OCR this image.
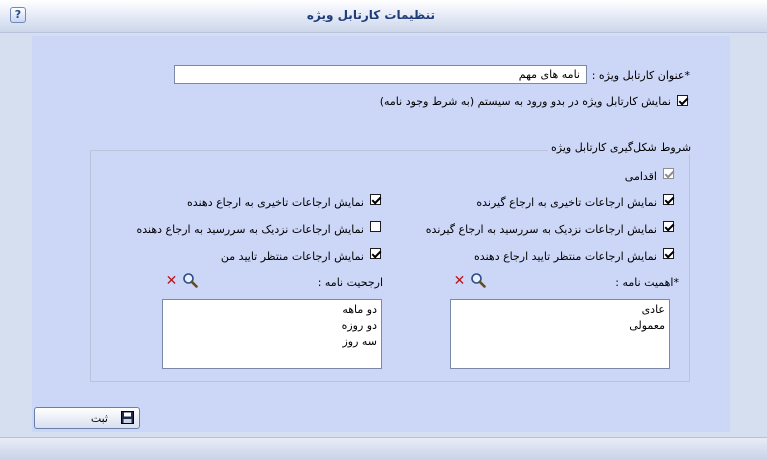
?	تنظیمات کارتابل ویژه
*عنوان کارتابل ویژه :
نامه های مهم
نمایش کارتابل ویژه در بدو ورود به سیستم (به شرط وجود نامه)
شروط شکل‌گیری کارتابل ویژه
اقدامی
نمایش ارجاعات تاخیری به ارجاع گیرنده
نمایش ارجاعات نزدیک به سررسید به ارجاع گیرنده
نمایش ارجاعات منتظر تایید ارجاع دهنده
نمایش ارجاعات تاخیری به ارجاع دهنده
نمایش ارجاعات نزدیک به سررسید به ارجاع دهنده
نمایش ارجاعات منتظر تایید من
*اهمیت نامه :
✕
عادی
معمولی
ارجحیت نامه :
✕
دو ماهه
دو روزه
سه روز
ثبت
